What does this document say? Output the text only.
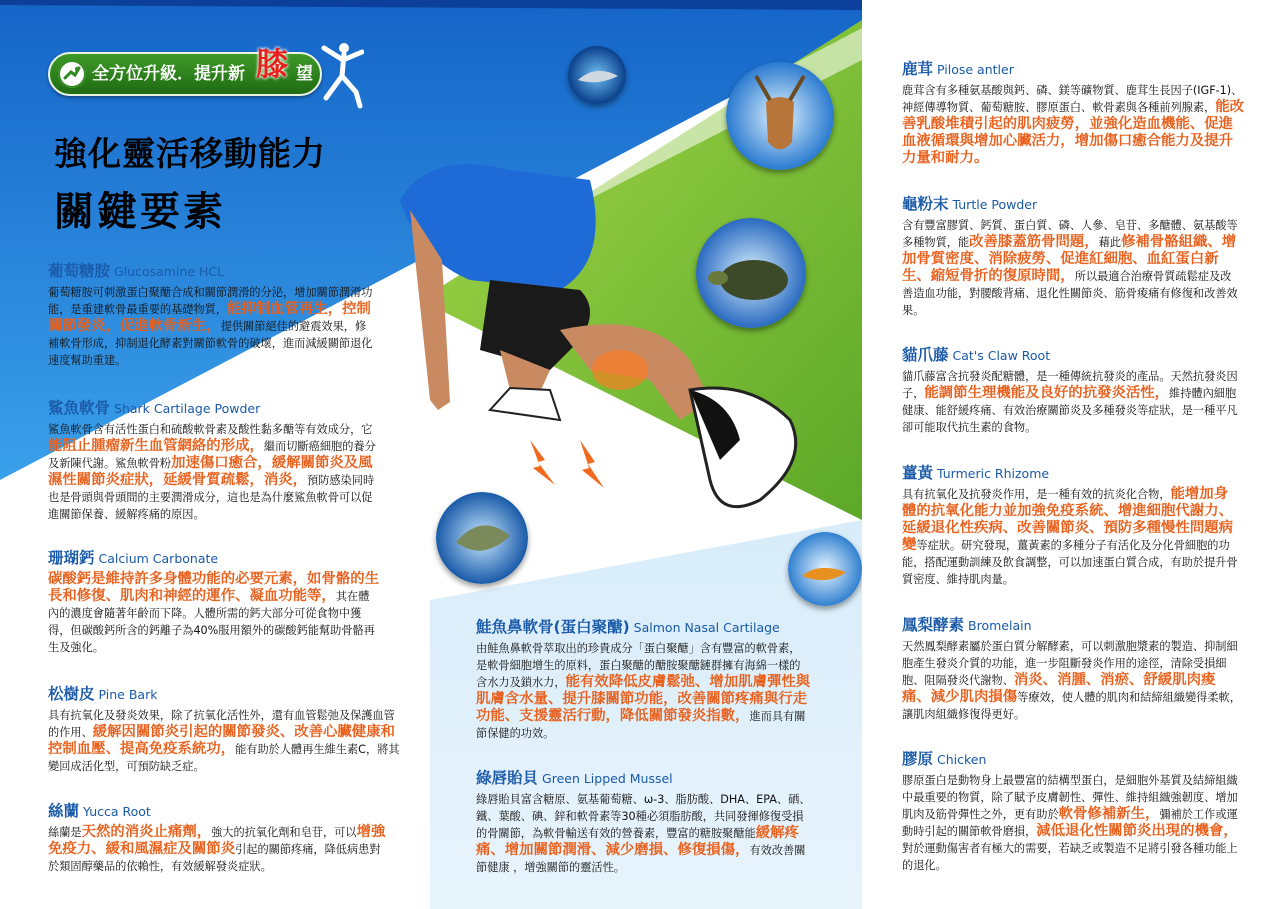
全方位升級．提升新 膝 望
強化靈活移動能力
關鍵要素
葡萄糖胺 Glucosamine HCL

葡萄糖胺可刺激蛋白聚醣合成和關節潤滑的分泌，增加關節潤滑功能，是重建軟骨最重要的基礎物質，能抑制血管再生，控制關節發炎，促進軟骨新生，提供關節絕佳的避震效果，修補軟骨形成，抑制退化酵素對關節軟骨的破壞，進而減緩關節退化速度幫助重建。

鯊魚軟骨 Shark Cartilage Powder

鯊魚軟骨含有活性蛋白和硫酸軟骨素及酸性黏多醣等有效成分，它能阻止腫瘤新生血管網絡的形成，繼而切斷癌細胞的養分及新陳代謝。鯊魚軟骨粉加速傷口癒合，緩解關節炎及風濕性關節炎症狀，延緩骨質疏鬆，消炎，預防感染同時也是骨頭與骨頭間的主要潤滑成分，這也是為什麼鯊魚軟骨可以促進關節保養、緩解疼痛的原因。

珊瑚鈣 Calcium Carbonate

碳酸鈣是維持許多身體功能的必要元素，如骨骼的生長和修復、肌肉和神經的運作、凝血功能等，其在體內的濃度會隨著年齡而下降。人體所需的鈣大部分可從食物中獲得，但碳酸鈣所含的鈣離子為40%服用額外的碳酸鈣能幫助骨骼再生及強化。

松樹皮 Pine Bark

具有抗氧化及發炎效果，除了抗氧化活性外，還有血管鬆弛及保護血管的作用、緩解因關節炎引起的關節發炎、改善心臟健康和控制血壓、提高免疫系統功，能有助於人體再生維生素C，將其變回成活化型，可預防缺乏症。

絲蘭 Yucca Root

絲蘭是天然的消炎止痛劑，強大的抗氧化劑和皂苷，可以增強免疫力、緩和風濕症及關節炎引起的關節疼痛，降低病患對於類固醇藥品的依賴性，有效緩解發炎症狀。

鮭魚鼻軟骨(蛋白聚醣) Salmon Nasal Cartilage

由鮭魚鼻軟骨萃取出的珍貴成分「蛋白聚醣」含有豐富的軟骨素，是軟骨細胞增生的原料，蛋白聚醣的醣胺聚醣鏈群擁有海綿一樣的含水力及鎖水力，能有效降低皮膚鬆弛、增加肌膚彈性與肌膚含水量、提升膝關節功能，改善關節疼痛與行走功能、支援靈活行動，降低關節發炎指數，進而具有關節保健的功效。

綠唇貽貝 Green Lipped Mussel

綠唇貽貝富含糖原、氨基葡萄糖、ω-3、脂肪酸、DHA、EPA、硒、鐵、葉酸、碘、鋅和軟骨素等30種必須脂肪酸，共同發揮修復受損的骨關節，為軟骨輸送有效的營養素，豐富的糖胺聚醣能緩解疼痛、增加關節潤滑、減少磨損、修復損傷，有效改善關節健康 ，增強關節的靈活性。

鹿茸 Pilose antler

鹿茸含有多種氨基酸與鈣、磷、鎂等礦物質、鹿茸生長因子(IGF-1)、神經傳導物質、葡萄糖胺、膠原蛋白、軟骨素與各種前列腺素，能改善乳酸堆積引起的肌肉疲勞，並強化造血機能、促進血液循環與增加心臟活力，增加傷口癒合能力及提升力量和耐力。

龜粉末 Turtle Powder

含有豐富膠質、鈣質、蛋白質、磷、人參、皂苷、多醣體、氨基酸等多種物質，能改善膝蓋筋骨問題，藉此修補骨骼組織、增加骨質密度、消除疲勞、促進紅細胞、血紅蛋白新生、縮短骨折的復原時間，所以最適合治療骨質疏鬆症及改善造血功能，對腰酸背痛、退化性關節炎、筋骨痠痛有修復和改善效果。

貓爪藤 Cat's Claw Root

貓爪藤富含抗發炎配糖體，是一種傳統抗發炎的產品。天然抗發炎因子，能調節生理機能及良好的抗發炎活性，維持體內細胞健康、能舒緩疼痛、有效治療關節炎及多種發炎等症狀，是一種平凡卻可能取代抗生素的食物。

薑黃 Turmeric Rhizome

具有抗氧化及抗發炎作用，是一種有效的抗炎化合物，能增加身體的抗氧化能力並加強免疫系統、增進細胞代謝力、延緩退化性疾病、改善關節炎、預防多種慢性問題病變等症狀。研究發現，薑黃素的多種分子有活化及分化骨細胞的功能，搭配運動訓練及飲食調整，可以加速蛋白質合成，有助於提升骨質密度、維持肌肉量。

鳳梨酵素 Bromelain

天然鳳梨酵素屬於蛋白質分解酵素，可以刺激胞漿素的製造、抑制細胞產生發炎介質的功能，進一步阻斷發炎作用的途徑，清除受損細胞、阻隔發炎代謝物、消炎、消腫、消瘀、舒緩肌肉痠痛、減少肌肉損傷等療效，使人體的肌肉和結締組織變得柔軟，讓肌肉組織修復得更好。

膠原 Chicken

膠原蛋白是動物身上最豐富的結構型蛋白，是細胞外基質及結締組織中最重要的物質，除了賦予皮膚韌性、彈性、維持組織強韌度、增加肌肉及筋骨彈性之外，更有助於軟骨修補新生，彌補於工作或運動時引起的關節軟骨磨損，減低退化性關節炎出現的機會，對於運動傷害者有極大的需要，若缺乏或製造不足將引發各種功能上的退化。
